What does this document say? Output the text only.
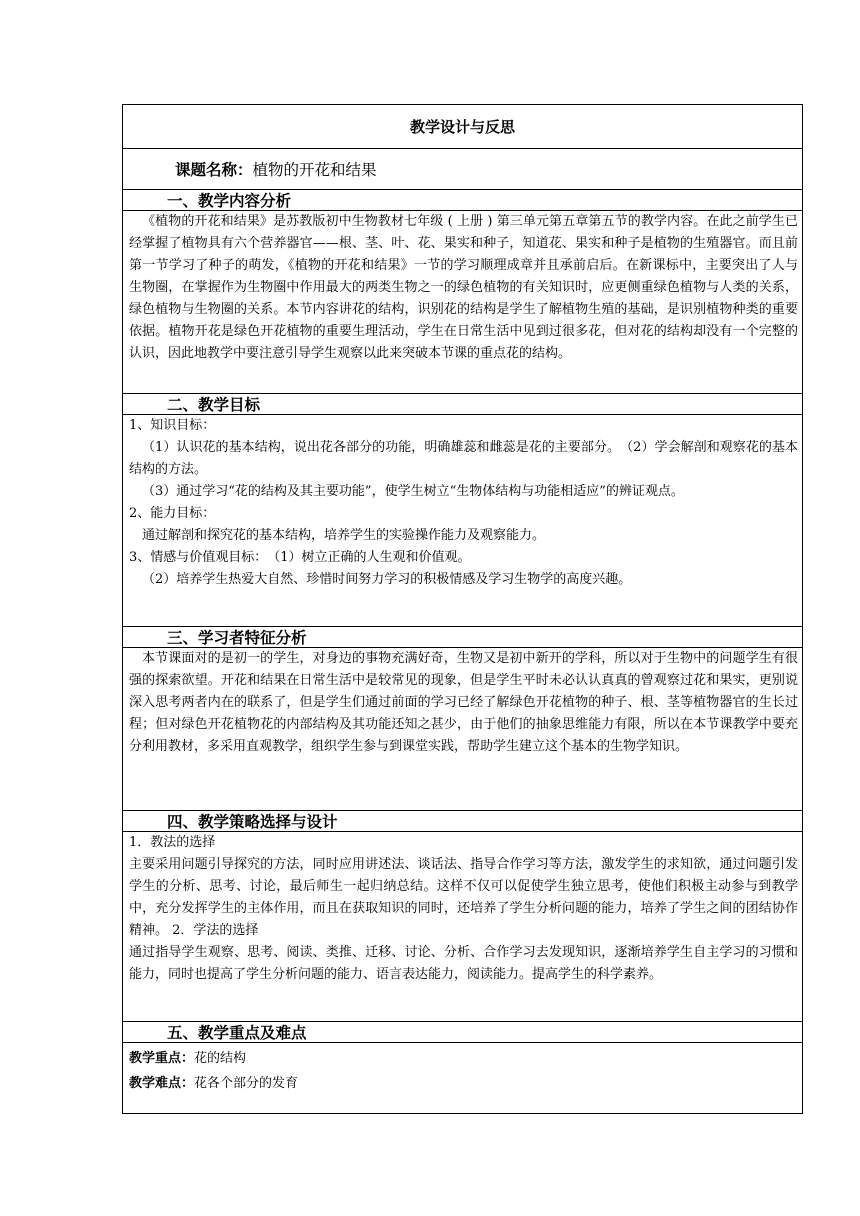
教学设计与反思
课题名称： 植物的开花和结果
一、教学内容分析

《植物的开花和结果》是苏教版初中生物教材七年级 ( 上册 ) 第三单元第五章第五节的教学内容。在此之前学生已经掌握了植物具有六个营养器官——根、茎、叶、花、果实和种子，知道花、果实和种子是植物的生殖器官。而且前第一节学习了种子的萌发，《植物的开花和结果》一节的学习顺理成章并且承前启后。在新课标中，主要突出了人与生物圈，在掌握作为生物圈中作用最大的两类生物之一的绿色植物的有关知识时，应更侧重绿色植物与人类的关系，绿色植物与生物圈的关系。本节内容讲花的结构，识别花的结构是学生了解植物生殖的基础，是识别植物种类的重要依据。植物开花是绿色开花植物的重要生理活动，学生在日常生活中见到过很多花，但对花的结构却没有一个完整的认识，因此地教学中要注意引导学生观察以此来突破本节课的重点花的结构。

二、教学目标

1、知识目标：

（1）认识花的基本结构，说出花各部分的功能，明确雄蕊和雌蕊是花的主要部分。　（2）学会解剖和观察花的基本结构的方法。

（3）通过学习“花的结构及其主要功能”，使学生树立“生物体结构与功能相适应”的辨证观点。

2、能力目标：

通过解剖和探究花的基本结构，培养学生的实验操作能力及观察能力。

3、情感与价值观目标：　（1）树立正确的人生观和价值观。

（2）培养学生热爱大自然、珍惜时间努力学习的积极情感及学习生物学的高度兴趣。

三、学习者特征分析

本节课面对的是初一的学生，对身边的事物充满好奇，生物又是初中新开的学科，所以对于生物中的问题学生有很强的探索欲望。开花和结果在日常生活中是较常见的现象，但是学生平时未必认认真真的曾观察过花和果实，更别说深入思考两者内在的联系了，但是学生们通过前面的学习已经了解绿色开花植物的种子、根、茎等植物器官的生长过程；但对绿色开花植物花的内部结构及其功能还知之甚少，由于他们的抽象思维能力有限，所以在本节课教学中要充分利用教材，多采用直观教学，组织学生参与到课堂实践，帮助学生建立这个基本的生物学知识。

四、教学策略选择与设计

1．教法的选择

主要采用问题引导探究的方法，同时应用讲述法、谈话法、指导合作学习等方法，激发学生的求知欲，通过问题引发学生的分析、思考、讨论，最后师生一起归纳总结。这样不仅可以促使学生独立思考，使他们积极主动参与到教学中，充分发挥学生的主体作用，而且在获取知识的同时，还培养了学生分析问题的能力，培养了学生之间的团结协作精神。 2．学法的选择

通过指导学生观察、思考、阅读、类推、迁移、讨论、分析、合作学习去发现知识，逐渐培养学生自主学习的习惯和能力，同时也提高了学生分析问题的能力、语言表达能力，阅读能力。提高学生的科学素养。

五、教学重点及难点

教学重点：花的结构

教学难点：花各个部分的发育
